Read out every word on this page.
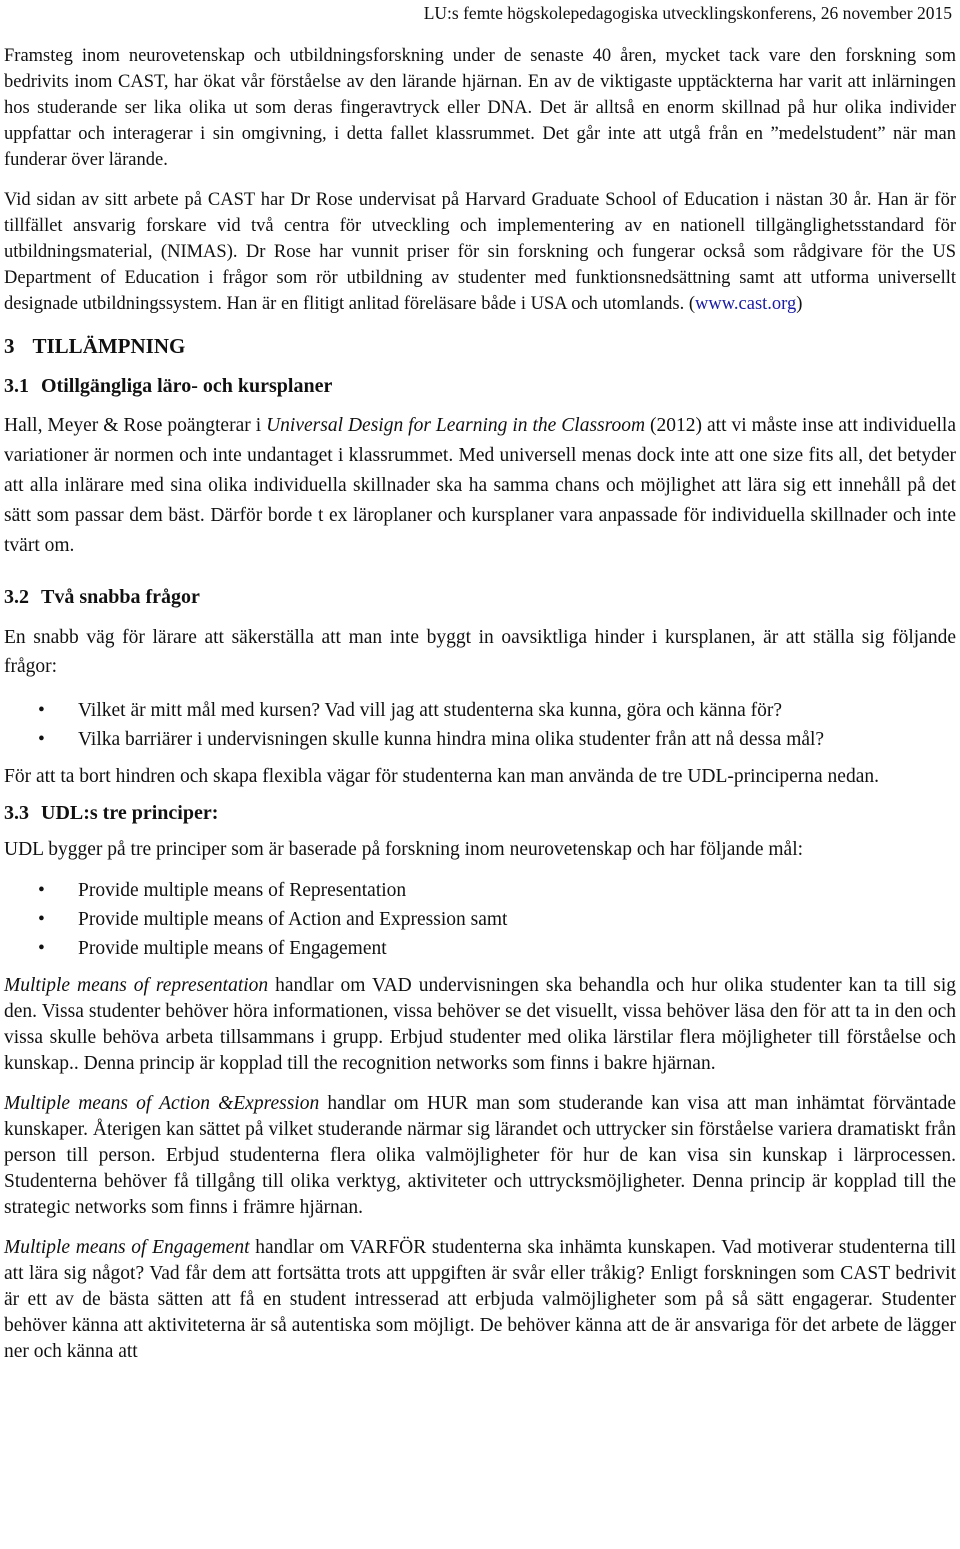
LU:s femte högskolepedagogiska utvecklingskonferens, 26 november 2015

Framsteg inom neurovetenskap och utbildningsforskning under de senaste 40 åren, mycket tack vare den forskning som bedrivits inom CAST, har ökat vår förståelse av den lärande hjärnan. En av de viktigaste upptäckterna har varit att inlärningen hos studerande ser lika olika ut som deras fingeravtryck eller DNA. Det är alltså en enorm skillnad på hur olika individer uppfattar och interagerar i sin omgivning, i detta fallet klassrummet. Det går inte att utgå från en ”medelstudent” när man funderar över lärande.

Vid sidan av sitt arbete på CAST har Dr Rose undervisat på Harvard Graduate School of Education i nästan 30 år. Han är för tillfället ansvarig forskare vid två centra för utveckling och implementering av en nationell tillgänglighetsstandard för utbildningsmaterial, (NIMAS). Dr Rose har vunnit priser för sin forskning och fungerar också som rådgivare för the US Department of Education i frågor som rör utbildning av studenter med funktionsnedsättning samt att utforma universellt designade utbildningssystem. Han är en flitigt anlitad föreläsare både i USA och utomlands. (www.cast.org)

3 TILLÄMPNING
3.1 Otillgängliga läro- och kursplaner

Hall, Meyer & Rose poängterar i Universal Design for Learning in the Classroom (2012) att vi måste inse att individuella variationer är normen och inte undantaget i klassrummet. Med universell menas dock inte att one size fits all, det betyder att alla inlärare med sina olika individuella skillnader ska ha samma chans och möjlighet att lära sig ett innehåll på det sätt som passar dem bäst. Därför borde t ex läroplaner och kursplaner vara anpassade för individuella skillnader och inte tvärt om.

3.2 Två snabba frågor

En snabb väg för lärare att säkerställa att man inte byggt in oavsiktliga hinder i kursplanen, är att ställa sig följande frågor:

•	Vilket är mitt mål med kursen? Vad vill jag att studenterna ska kunna, göra och känna för?
•	Vilka barriärer i undervisningen skulle kunna hindra mina olika studenter från att nå dessa mål?

För att ta bort hindren och skapa flexibla vägar för studenterna kan man använda de tre UDL-principerna nedan.

3.3 UDL:s tre principer:

UDL bygger på tre principer som är baserade på forskning inom neurovetenskap och har följande mål:

•	Provide multiple means of Representation
•	Provide multiple means of Action and Expression samt
•	Provide multiple means of Engagement

Multiple means of representation handlar om VAD undervisningen ska behandla och hur olika studenter kan ta till sig den. Vissa studenter behöver höra informationen, vissa behöver se det visuellt, vissa behöver läsa den för att ta in den och vissa skulle behöva arbeta tillsammans i grupp. Erbjud studenter med olika lärstilar flera möjligheter till förståelse och kunskap.. Denna princip är kopplad till the recognition networks som finns i bakre hjärnan.

Multiple means of Action &Expression handlar om HUR man som studerande kan visa att man inhämtat förväntade kunskaper. Återigen kan sättet på vilket studerande närmar sig lärandet och uttrycker sin förståelse variera dramatiskt från person till person. Erbjud studenterna flera olika valmöjligheter för hur de kan visa sin kunskap i lärprocessen. Studenterna behöver få tillgång till olika verktyg, aktiviteter och uttrycksmöjligheter. Denna princip är kopplad till the strategic networks som finns i främre hjärnan.

Multiple means of Engagement handlar om VARFÖR studenterna ska inhämta kunskapen. Vad motiverar studenterna till att lära sig något? Vad får dem att fortsätta trots att uppgiften är svår eller tråkig? Enligt forskningen som CAST bedrivit är ett av de bästa sätten att få en student intresserad att erbjuda valmöjligheter som på så sätt engagerar. Studenter behöver känna att aktiviteterna är så autentiska som möjligt. De behöver känna att de är ansvariga för det arbete de lägger ner och känna att
